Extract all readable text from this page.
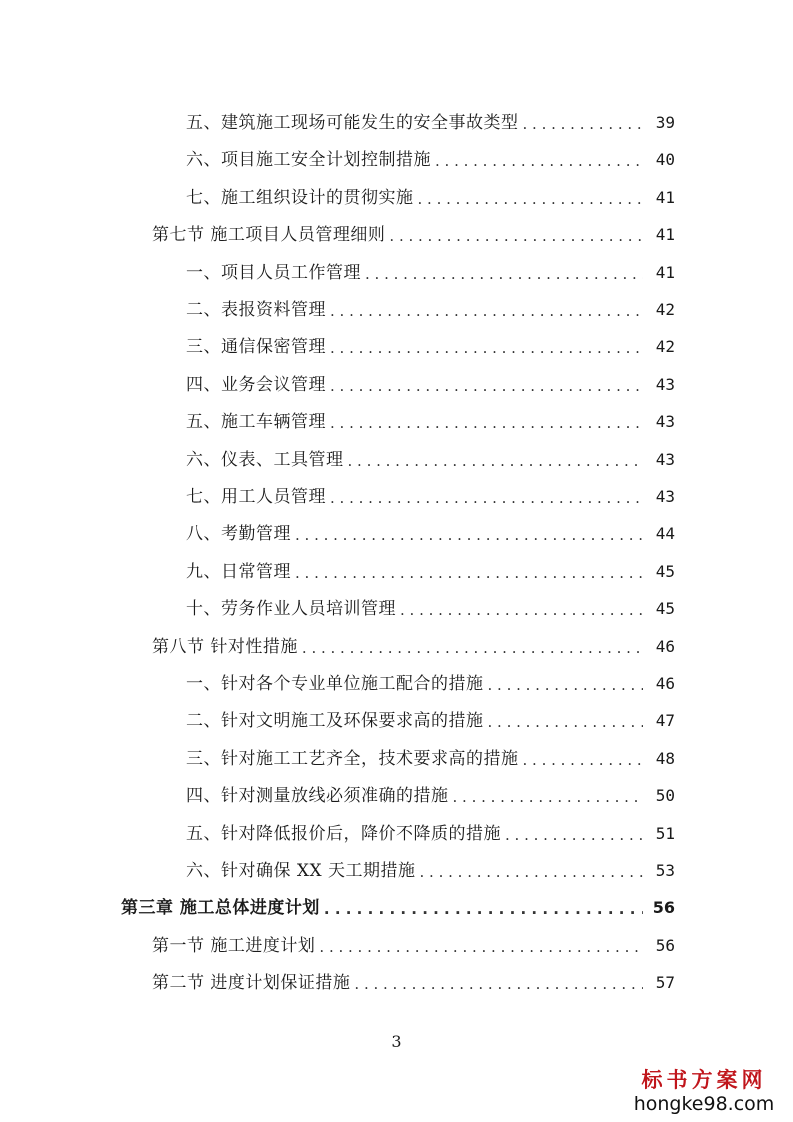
五、建筑施工现场可能发生的安全事故类型 . . .	39
六、项目施工安全计划控制措施 . . .	40
七、施工组织设计的贯彻实施 . . .	41
第七节 施工项目人员管理细则 . . .	41
一、项目人员工作管理 . . .	41
二、表报资料管理 . . .	42
三、通信保密管理 . . .	42
四、业务会议管理 . . .	43
五、施工车辆管理 . . .	43
六、仪表、工具管理 . . .	43
七、用工人员管理 . . .	43
八、考勤管理 . . .	44
九、日常管理 . . .	45
十、劳务作业人员培训管理 . . .	45
第八节 针对性措施 . . .	46
一、针对各个专业单位施工配合的措施 . . .	46
二、针对文明施工及环保要求高的措施 . . .	47
三、针对施工工艺齐全，技术要求高的措施 . . .	48
四、针对测量放线必须准确的措施 . . .	50
五、针对降低报价后，降价不降质的措施 . . .	51
六、针对确保 XX 天工期措施 . . .	53
第三章 施工总体进度计划 . . .	56
第一节 施工进度计划 . . .	56
第二节 进度计划保证措施 . . .	57
3
标书方案网
hongke98.com
